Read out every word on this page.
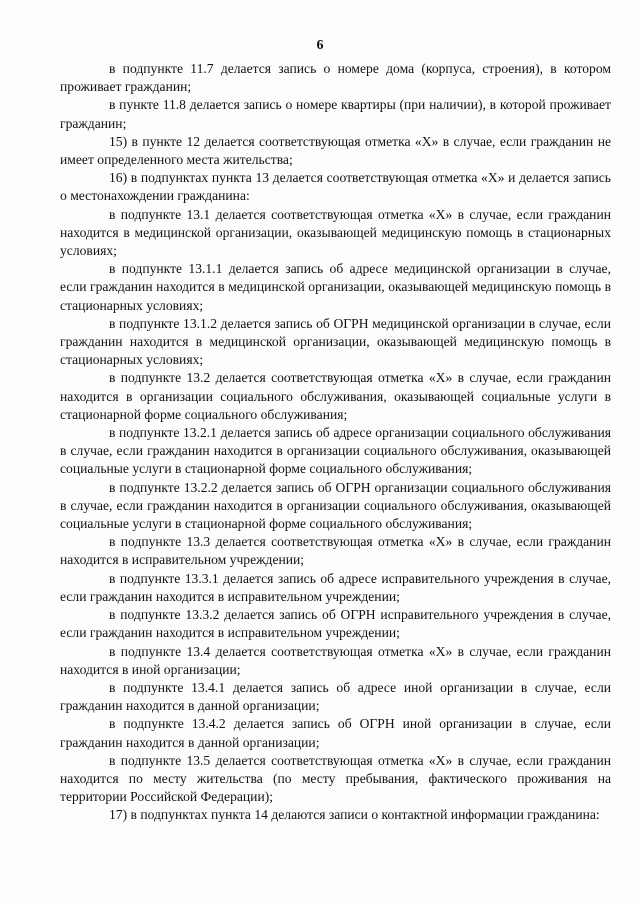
6

в подпункте 11.7 делается запись о номере дома (корпуса, строения), в котором проживает гражданин;

в пункте 11.8 делается запись о номере квартиры (при наличии), в которой проживает гражданин;

15) в пункте 12 делается соответствующая отметка «Х» в случае, если гражданин не имеет определенного места жительства;

16) в подпунктах пункта 13 делается соответствующая отметка «Х» и делается запись о местонахождении гражданина:

в подпункте 13.1 делается соответствующая отметка «Х» в случае, если гражданин находится в медицинской организации, оказывающей медицинскую помощь в стационарных условиях;

в подпункте 13.1.1 делается запись об адресе медицинской организации в случае, если гражданин находится в медицинской организации, оказывающей медицинскую помощь в стационарных условиях;

в подпункте 13.1.2 делается запись об ОГРН медицинской организации в случае, если гражданин находится в медицинской организации, оказывающей медицинскую помощь в стационарных условиях;

в подпункте 13.2 делается соответствующая отметка «Х» в случае, если гражданин находится в организации социального обслуживания, оказывающей социальные услуги в стационарной форме социального обслуживания;

в подпункте 13.2.1 делается запись об адресе организации социального обслуживания в случае, если гражданин находится в организации социального обслуживания, оказывающей социальные услуги в стационарной форме социального обслуживания;

в подпункте 13.2.2 делается запись об ОГРН организации социального обслуживания в случае, если гражданин находится в организации социального обслуживания, оказывающей социальные услуги в стационарной форме социального обслуживания;

в подпункте 13.3 делается соответствующая отметка «Х» в случае, если гражданин находится в исправительном учреждении;

в подпункте 13.3.1 делается запись об адресе исправительного учреждения в случае, если гражданин находится в исправительном учреждении;

в подпункте 13.3.2 делается запись об ОГРН исправительного учреждения в случае, если гражданин находится в исправительном учреждении;

в подпункте 13.4 делается соответствующая отметка «Х» в случае, если гражданин находится в иной организации;

в подпункте 13.4.1 делается запись об адресе иной организации в случае, если гражданин находится в данной организации;

в подпункте 13.4.2 делается запись об ОГРН иной организации в случае, если гражданин находится в данной организации;

в подпункте 13.5 делается соответствующая отметка «Х» в случае, если гражданин находится по месту жительства (по месту пребывания, фактического проживания на территории Российской Федерации);

17) в подпунктах пункта 14 делаются записи о контактной информации гражданина:
